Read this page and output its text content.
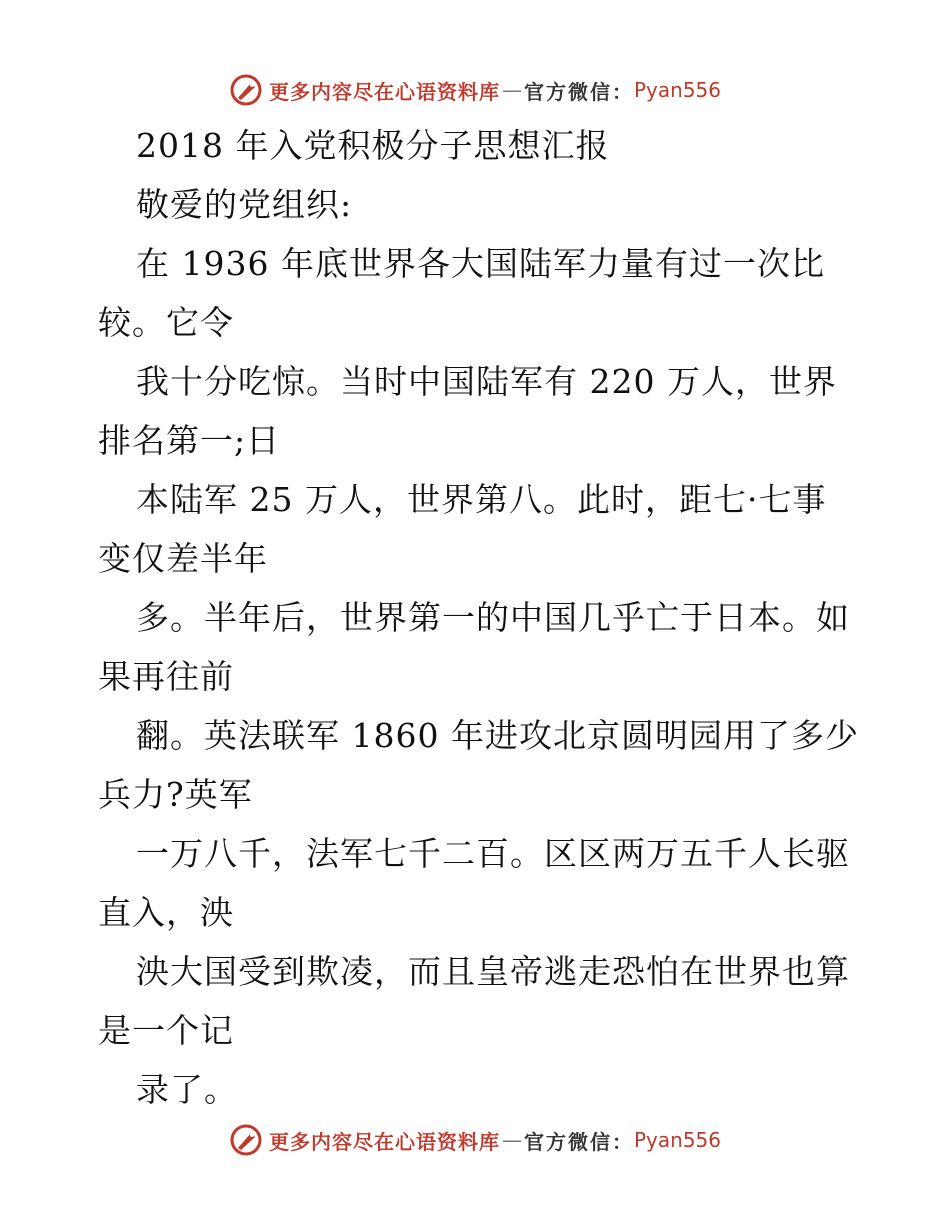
更多内容尽在心语资料库 — 官方微信： Pyan556
2018 年入党积极分子思想汇报
敬爱的党组织:
在 1936 年底世界各大国陆军力量有过一次比
较。它令
我十分吃惊。当时中国陆军有 220 万人，世界
排名第一;日
本陆军 25 万人，世界第八。此时，距七·七事
变仅差半年
多。半年后，世界第一的中国几乎亡于日本。如
果再往前
翻。英法联军 1860 年进攻北京圆明园用了多少
兵力?英军
一万八千，法军七千二百。区区两万五千人长驱
直入，泱
泱大国受到欺凌，而且皇帝逃走恐怕在世界也算
是一个记
录了。
更多内容尽在心语资料库 — 官方微信： Pyan556
